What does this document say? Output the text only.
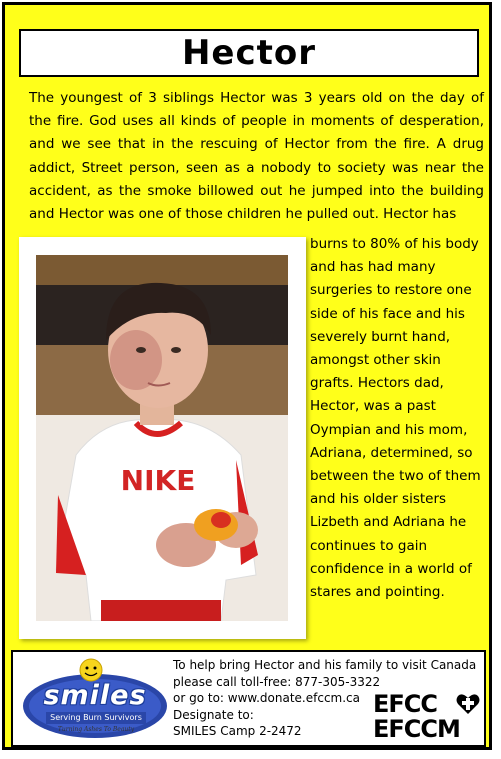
Hector

The youngest of 3 siblings Hector was 3 years old on the day of the fire. God uses all kinds of people in moments of desperation, and we see that in the rescuing of Hector from the fire. A drug addict, Street person, seen as a nobody to society was near the accident, as the smoke billowed out he jumped into the building and Hector was one of those children he pulled out. Hector has

NIKE

burns to 80% of his body and has had many surgeries to restore one side of his face and his severely burnt hand, amongst other skin grafts. Hectors dad, Hector, was a past Oympian and his mom, Adriana, determined, so between the two of them and his older sisters Lizbeth and Adriana he continues to gain confidence in a world of stares and pointing.

smiles
Serving Burn Survivors
Turning Ashes To Beauty
To help bring Hector and his family to visit Canada
please call toll-free: 877-305-3322
or go to: www.donate.efccm.ca
Designate to:
SMILES Camp 2-2472
EFCC
EFCCM
